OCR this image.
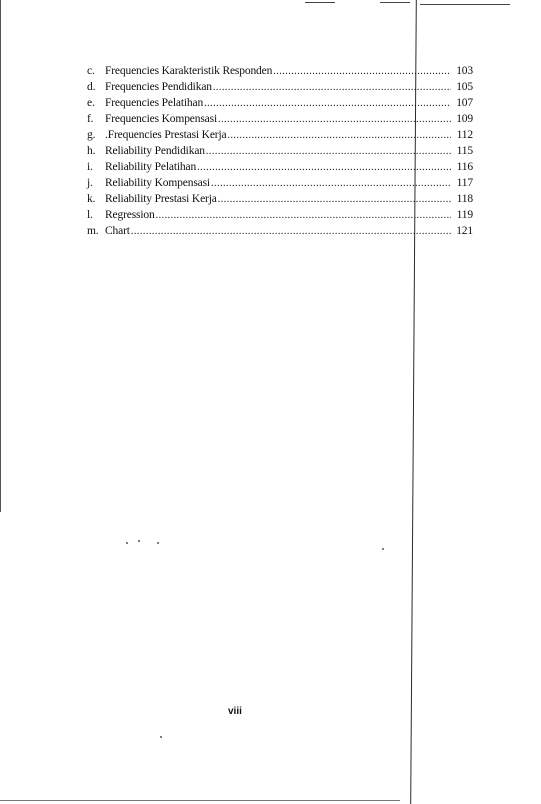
c. Frequencies Karakteristik Responden .....	103
d. Frequencies Pendidikan .....	105
e. Frequencies Pelatihan .....	107
f.	Frequencies Kompensasi .....	109
g. .Frequencies Prestasi Kerja .....	112
h. Reliability Pendidikan .....	115
i.	Reliability Pelatihan .....	116
j.	Reliability Kompensasi .....	117
k. Reliability Prestasi Kerja .....	118
l.	Regression .....	119
m. Chart .....	121
viii
